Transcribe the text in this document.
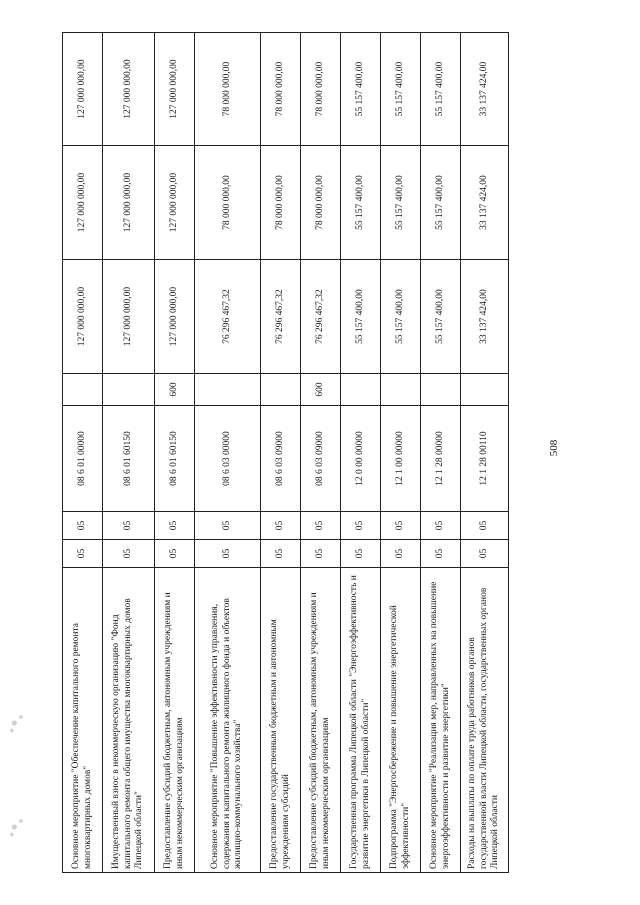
508
Основное мероприятие "Обеспечение капитального ремонта многоквартирных домов"	05	05	08 6 01 00000		127 000 000,00	127 000 000,00	127 000 000,00
Имущественный взнос в некоммерческую организацию "Фонд капитального ремонта общего имущества многоквартирных домов Липецкой области"	05	05	08 6 01 60150		127 000 000,00	127 000 000,00	127 000 000,00
Предоставление субсидий бюджетным, автономным учреждениям и иным некоммерческим организациям	05	05	08 6 01 60150	600	127 000 000,00	127 000 000,00	127 000 000,00
Основное мероприятие "Повышение эффективности управления, содержания и капитального ремонта жилищного фонда и объектов жилищно-коммунального хозяйства"	05	05	08 6 03 00000		76 296 467,32	78 000 000,00	78 000 000,00
Предоставление государственным бюджетным и автономным учреждениям субсидий	05	05	08 6 03 09000		76 296 467,32	78 000 000,00	78 000 000,00
Предоставление субсидий бюджетным, автономным учреждениям и иным некоммерческим организациям	05	05	08 6 03 09000	600	76 296 467,32	78 000 000,00	78 000 000,00
Государственная программа Липецкой области "Энергоэффективность и развитие энергетики в Липецкой области"	05	05	12 0 00 00000		55 157 400,00	55 157 400,00	55 157 400,00
Подпрограмма "Энергосбережение и повышение энергетической эффективности"	05	05	12 1 00 00000		55 157 400,00	55 157 400,00	55 157 400,00
Основное мероприятие "Реализация мер, направленных на повышение энергоэффективности и развитие энергетики"	05	05	12 1 28 00000		55 157 400,00	55 157 400,00	55 157 400,00
Расходы на выплаты по оплате труда работников органов государственной власти Липецкой области, государственных органов Липецкой области	05	05	12 1 28 00110		33 137 424,00	33 137 424,00	33 137 424,00
